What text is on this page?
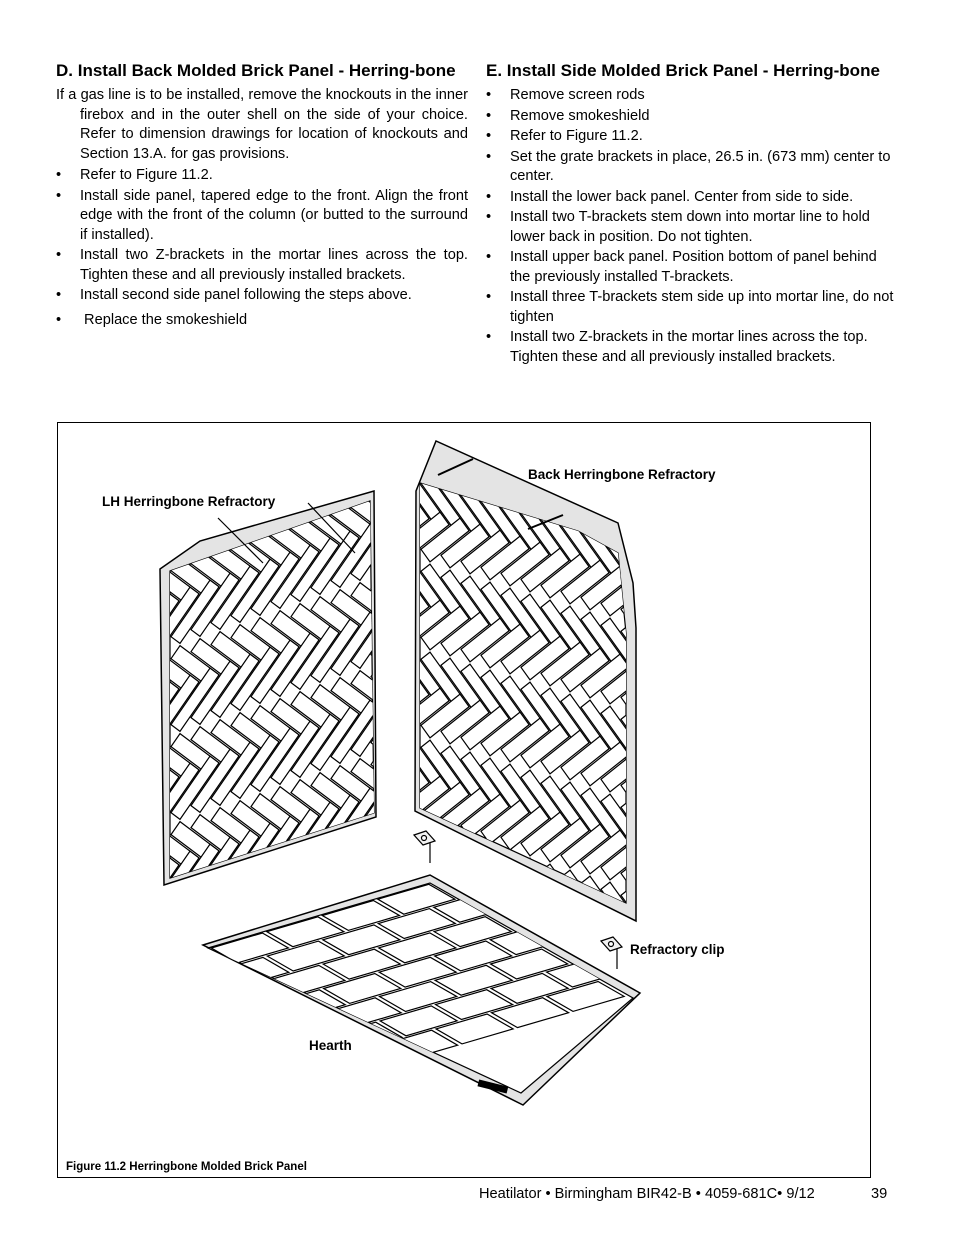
D. Install Back Molded Brick Panel - Herring-bone

If a gas line is to be installed, remove the knockouts in the inner firebox and in the outer shell on the side of your choice. Refer to dimension drawings for location of knockouts and Section 13.A. for gas provisions.

• Refer to Figure 11.2.
• Install side panel, tapered edge to the front. Align the front edge with the front of the column (or butted to the surround if installed).
• Install two Z-brackets in the mortar lines across the top. Tighten these and all previously installed brackets.
• Install second side panel following the steps above.
• Replace the smokeshield
E. Install Side Molded Brick Panel - Herring-bone
• Remove screen rods
• Remove smokeshield
• Refer to Figure 11.2.
• Set the grate brackets in place, 26.5 in. (673 mm) center to center.
• Install the lower back panel. Center from side to side.
• Install two T-brackets stem down into mortar line to hold lower back in position. Do not tighten.
• Install upper back panel. Position bottom of panel behind the previously installed T-brackets.
• Install three T-brackets stem side up into mortar line, do not tighten
• Install two Z-brackets in the mortar lines across the top. Tighten these and all previously installed brackets.
LH Herringbone Refractory
Back Herringbone Refractory
Refractory clip
Hearth
Figure 11.2 Herringbone Molded Brick Panel
Heatilator • Birmingham BIR42-B • 4059-681C• 9/12	39
